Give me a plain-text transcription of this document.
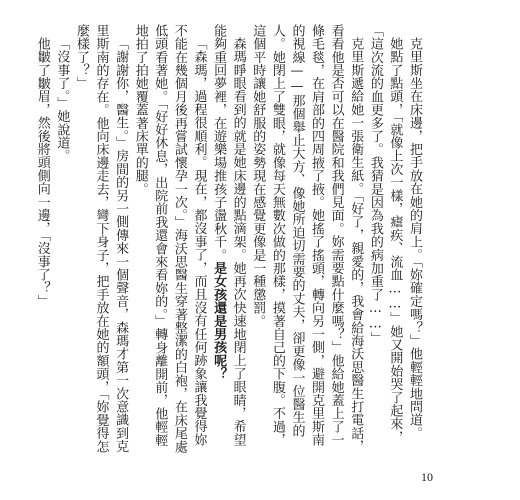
克里斯坐在床邊，把手放在她的肩上。「妳確定嗎？」他輕輕地問道。

她點了點頭，「就像上次一樣，瘧疾、流血……」她又開始哭了起來，「這次流的血更多了。我猜是因為我的病加重了……」

克里斯遞給她一張衛生紙。「好了，親愛的，我會給海沃思醫生打電話，看看他是否可以在醫院和我們見面。妳需要點什麼嗎？」他給她蓋上了一條毛毯，在肩部的四周掖了掖。她搖了搖頭，轉向另一側，避開克里斯南的視線——那個舉止大方、像她所迫切需要的丈夫，卻更像一位醫生的人。她閉上了雙眼，就像每天無數次做的那樣，摸著自己的下腹。不過，這個平時讓她舒服的姿勢現在感覺更像是一種懲罰。

森瑪睜眼看到的就是她床邊的點滴架。她再次快速地閉上了眼睛，希望能夠重回夢裡，在遊樂場推孩子盪秋千。是女孩還是男孩呢？

「森瑪，過程很順利。現在，都沒事了，而且沒有任何跡象讓我覺得妳不能在幾個月後再嘗試懷孕一次。」海沃思醫生穿著整潔的白袍，在床尾處低頭看著她。「好好休息，出院前我還會來看妳的。」轉身離開前，他輕輕地拍了拍她覆蓋著床單的腿。

「謝謝你，醫生。」房間的另一側傳來一個聲音，森瑪才第一次意識到克里斯南的存在。他向床邊走去，彎下身子，把手放在她的額頭，「妳覺得怎麼樣了？」

「沒事了。」她說道。

他皺了皺眉，然後將頭側向一邊，「沒事了？」

10
